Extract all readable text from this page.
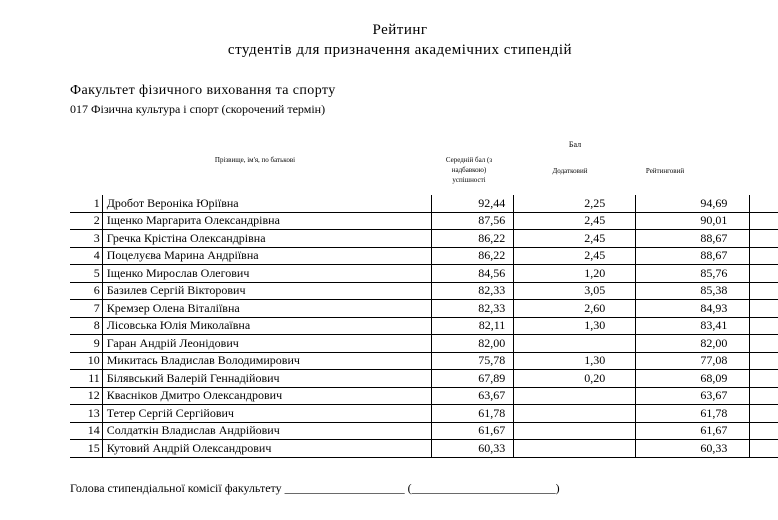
Рейтинг
студентів для призначення академічних стипендій
Факультет фізичного виховання та спорту
017 Фізична культура і спорт (скорочений термін)
Прізвище, ім'я, по батькові
Бал
Середній бал (з надбавкою) успішності
Додатковий	Рейтинговий
1	Дробот Вероніка Юріївна	92,44	2,25	94,69	
2	Іщенко Маргарита Олександрівна	87,56	2,45	90,01	
3	Гречка Крістіна Олександрівна	86,22	2,45	88,67	
4	Поцелуєва Марина Андріївна	86,22	2,45	88,67	
5	Іщенко Мирослав Олегович	84,56	1,20	85,76	
6	Базилев Сергій Вікторович	82,33	3,05	85,38	
7	Кремзер Олена Віталіївна	82,33	2,60	84,93	
8	Лісовська Юлія Миколаївна	82,11	1,30	83,41	
9	Гаран Андрій Леонідович	82,00		82,00	
10	Микитась Владислав Володимирович	75,78	1,30	77,08	
11	Білявський Валерій Геннадійович	67,89	0,20	68,09	
12	Квасніков Дмитро Олександрович	63,67		63,67	
13	Тетер Сергій Сергійович	61,78		61,78	
14	Солдаткін Владислав Андрійович	61,67		61,67	
15	Кутовий Андрій Олександрович	60,33		60,33	
Голова стипендіальної комісії факультету ____________________ (________________________)
